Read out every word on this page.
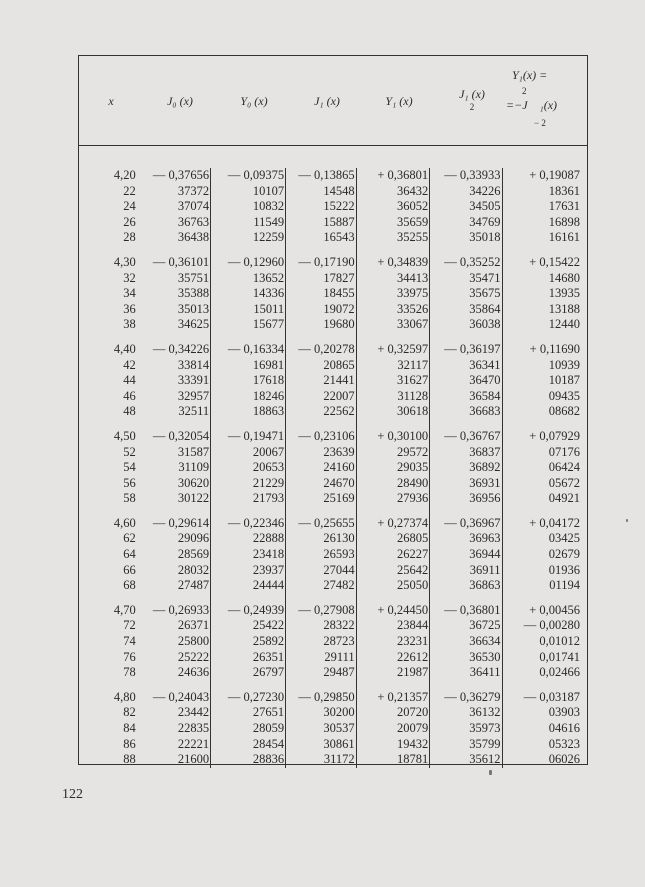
x	J₀ (x)	Y₀ (x)	J₁ (x)	Y₁ (x)	J₁ (x)
2
Y₁(x) =
2
=−J ₁(x)
− 2
4,20	— 0,37656	— 0,09375	— 0,13865	+ 0,36801	— 0,33933	+ 0,19087
22	37372	10107	14548	36432	34226	18361
24	37074	10832	15222	36052	34505	17631
26	36763	11549	15887	35659	34769	16898
28	36438	12259	16543	35255	35018	16161

4,30	— 0,36101	— 0,12960	— 0,17190	+ 0,34839	— 0,35252	+ 0,15422
32	35751	13652	17827	34413	35471	14680
34	35388	14336	18455	33975	35675	13935
36	35013	15011	19072	33526	35864	13188
38	34625	15677	19680	33067	36038	12440

4,40	— 0,34226	— 0,16334	— 0,20278	+ 0,32597	— 0,36197	+ 0,11690
42	33814	16981	20865	32117	36341	10939
44	33391	17618	21441	31627	36470	10187
46	32957	18246	22007	31128	36584	09435
48	32511	18863	22562	30618	36683	08682

4,50	— 0,32054	— 0,19471	— 0,23106	+ 0,30100	— 0,36767	+ 0,07929
52	31587	20067	23639	29572	36837	07176
54	31109	20653	24160	29035	36892	06424
56	30620	21229	24670	28490	36931	05672
58	30122	21793	25169	27936	36956	04921

4,60	— 0,29614	— 0,22346	— 0,25655	+ 0,27374	— 0,36967	+ 0,04172
62	29096	22888	26130	26805	36963	03425
64	28569	23418	26593	26227	36944	02679
66	28032	23937	27044	25642	36911	01936
68	27487	24444	27482	25050	36863	01194

4,70	— 0,26933	— 0,24939	— 0,27908	+ 0,24450	— 0,36801	+ 0,00456
72	26371	25422	28322	23844	36725	— 0,00280
74	25800	25892	28723	23231	36634	0,01012
76	25222	26351	29111	22612	36530	0,01741
78	24636	26797	29487	21987	36411	0,02466

4,80	— 0,24043	— 0,27230	— 0,29850	+ 0,21357	— 0,36279	— 0,03187
82	23442	27651	30200	20720	36132	03903
84	22835	28059	30537	20079	35973	04616
86	22221	28454	30861	19432	35799	05323
88	21600	28836	31172	18781	35612	06026
122
